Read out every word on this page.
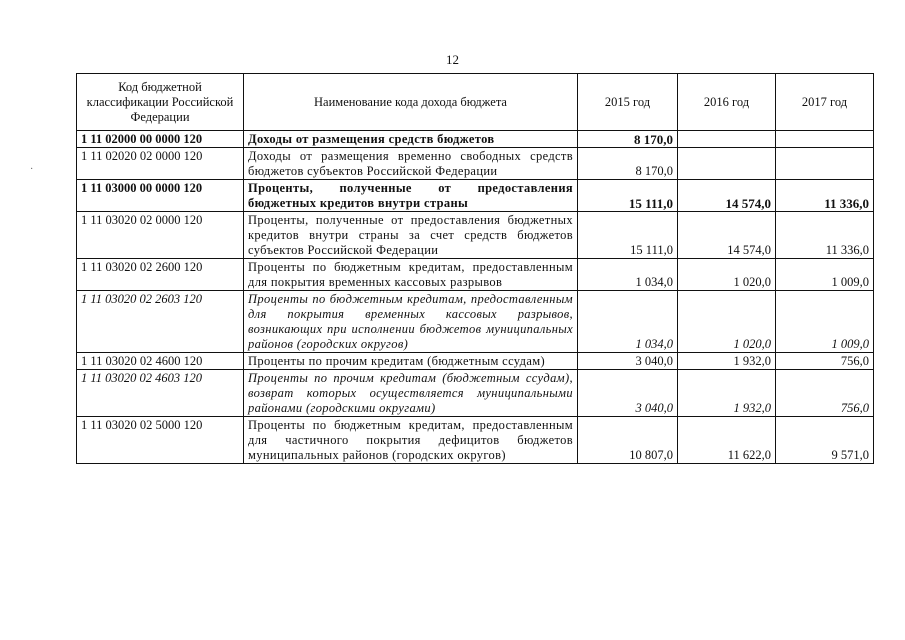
12
·
Код бюджетной классификации Российской Федерации	Наименование кода дохода бюджета	2015 год	2016 год	2017 год
1 11 02000 00 0000 120	Доходы от размещения средств бюджетов	8 170,0		
1 11 02020 02 0000 120	Доходы от размещения временно свободных средств бюджетов субъектов Российской Федерации	8 170,0		
1 11 03000 00 0000 120	Проценты, полученные от предоставления бюджетных кредитов внутри страны	15 111,0	14 574,0	11 336,0
1 11 03020 02 0000 120	Проценты, полученные от предоставления бюджетных кредитов внутри страны за счет средств бюджетов субъектов Российской Федерации	15 111,0	14 574,0	11 336,0
1 11 03020 02 2600 120	Проценты по бюджетным кредитам, предоставленным для покрытия временных кассовых разрывов	1 034,0	1 020,0	1 009,0
1 11 03020 02 2603 120	Проценты по бюджетным кредитам, предоставленным для покрытия временных кассовых разрывов, возникающих при исполнении бюджетов муниципальных районов (городских округов)	1 034,0	1 020,0	1 009,0
1 11 03020 02 4600 120	Проценты по прочим кредитам (бюджетным ссудам)	3 040,0	1 932,0	756,0
1 11 03020 02 4603 120	Проценты по прочим кредитам (бюджетным ссудам), возврат которых осуществляется муниципальными районами (городскими округами)	3 040,0	1 932,0	756,0
1 11 03020 02 5000 120	Проценты по бюджетным кредитам, предоставленным для частичного покрытия дефицитов бюджетов муниципальных районов (городских округов)	10 807,0	11 622,0	9 571,0
